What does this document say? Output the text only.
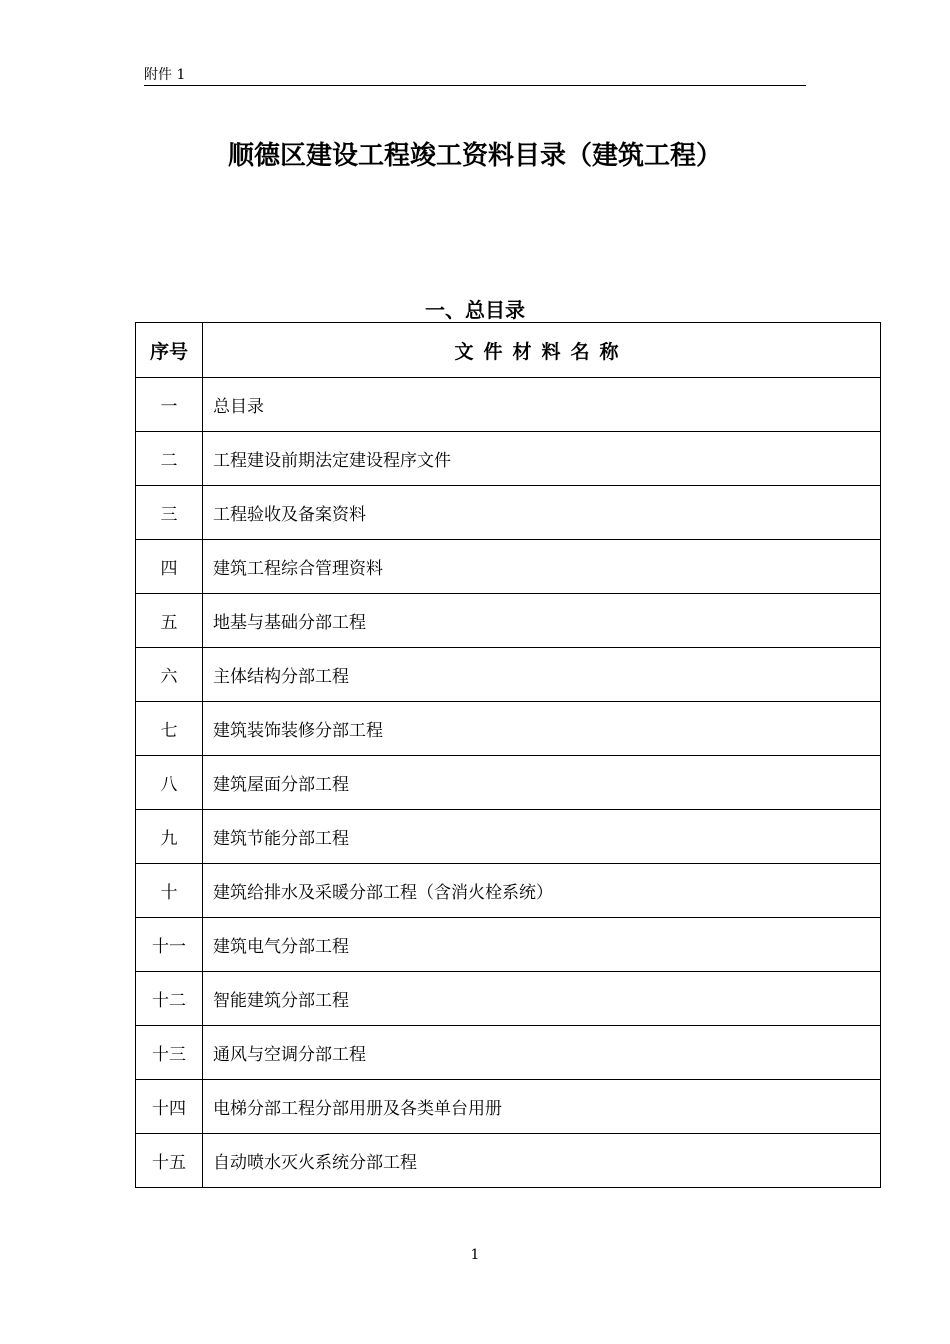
附件 1
顺德区建设工程竣工资料目录（建筑工程）
一、总目录
序号	文件材料名称
一	总目录
二	工程建设前期法定建设程序文件
三	工程验收及备案资料
四	建筑工程综合管理资料
五	地基与基础分部工程
六	主体结构分部工程
七	建筑装饰装修分部工程
八	建筑屋面分部工程
九	建筑节能分部工程
十	建筑给排水及采暖分部工程（含消火栓系统）
十一	建筑电气分部工程
十二	智能建筑分部工程
十三	通风与空调分部工程
十四	电梯分部工程分部用册及各类单台用册
十五	自动喷水灭火系统分部工程
1
